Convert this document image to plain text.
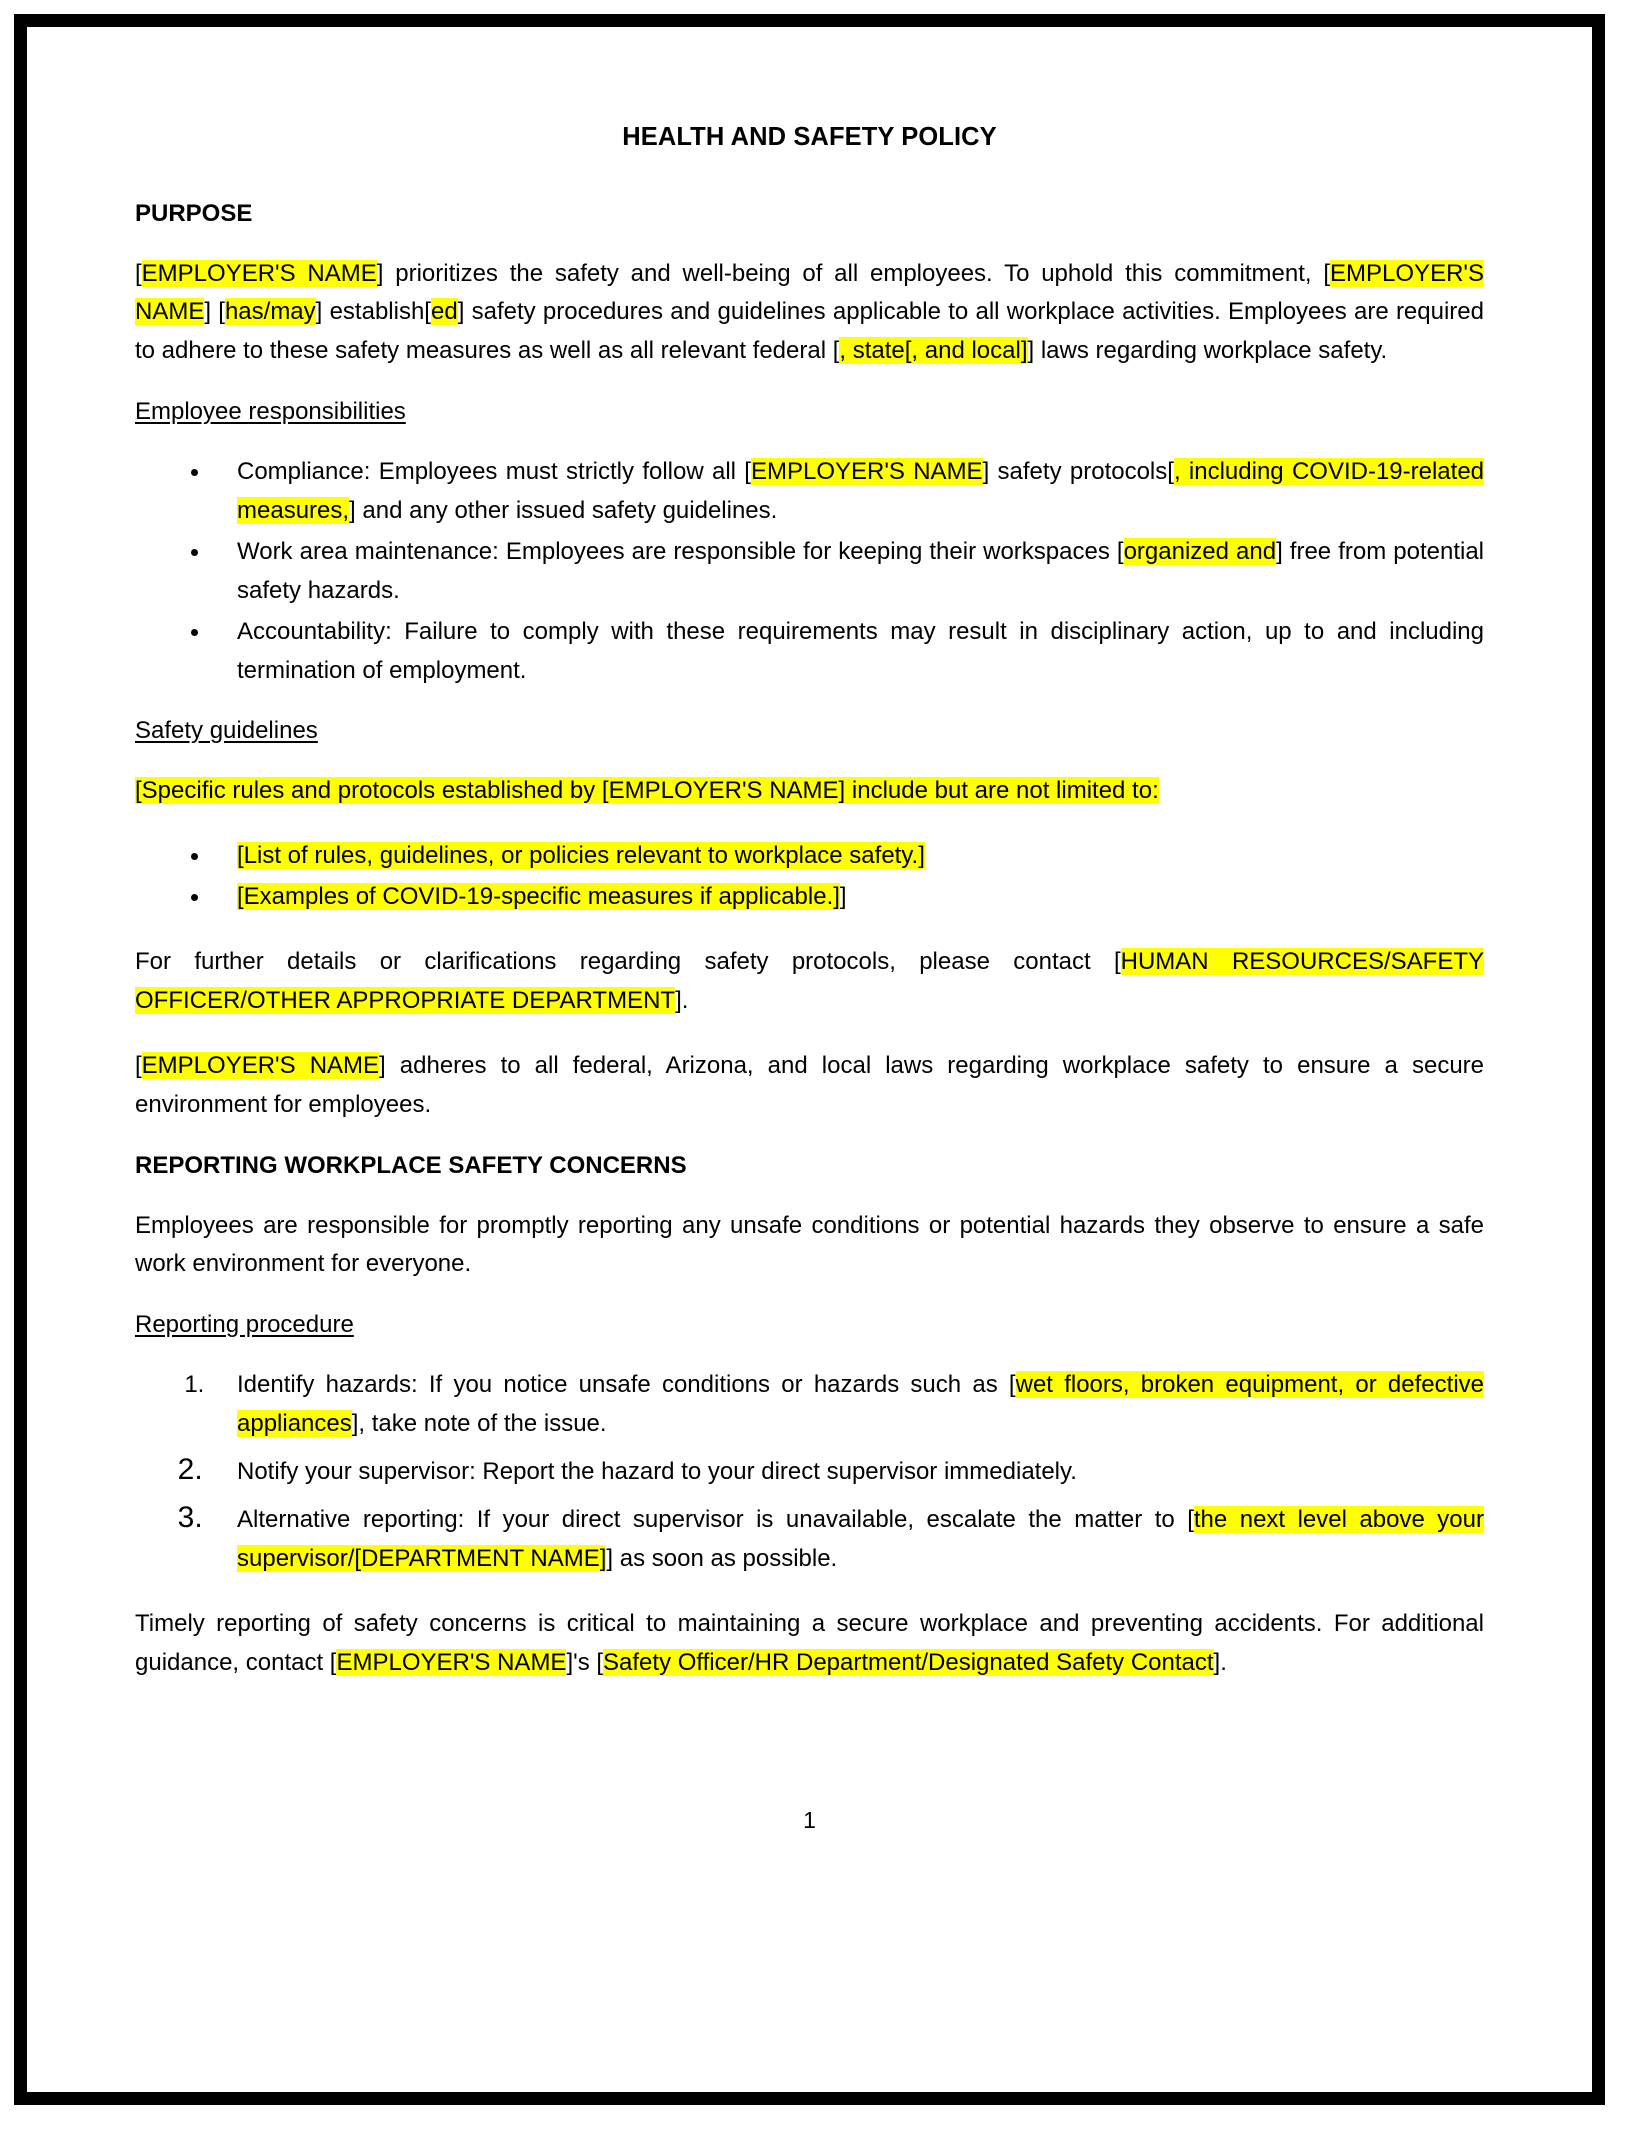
HEALTH AND SAFETY POLICY
PURPOSE

[EMPLOYER'S NAME] prioritizes the safety and well-being of all employees. To uphold this commitment, [EMPLOYER'S NAME] [has/may] establish[ed] safety procedures and guidelines applicable to all workplace activities. Employees are required to adhere to these safety measures as well as all relevant federal [, state[, and local]] laws regarding workplace safety.

Employee responsibilities
• Compliance: Employees must strictly follow all [EMPLOYER'S NAME] safety protocols[, including COVID-19-related measures,] and any other issued safety guidelines.
• Work area maintenance: Employees are responsible for keeping their workspaces [organized and] free from potential safety hazards.
• Accountability: Failure to comply with these requirements may result in disciplinary action, up to and including termination of employment.
Safety guidelines

[Specific rules and protocols established by [EMPLOYER'S NAME] include but are not limited to:

• [List of rules, guidelines, or policies relevant to workplace safety.]
• [Examples of COVID-19-specific measures if applicable.]]

For further details or clarifications regarding safety protocols, please contact [HUMAN RESOURCES/SAFETY OFFICER/OTHER APPROPRIATE DEPARTMENT].

[EMPLOYER'S NAME] adheres to all federal, Arizona, and local laws regarding workplace safety to ensure a secure environment for employees.

REPORTING WORKPLACE SAFETY CONCERNS

Employees are responsible for promptly reporting any unsafe conditions or potential hazards they observe to ensure a safe work environment for everyone.

Reporting procedure
1. Identify hazards: If you notice unsafe conditions or hazards such as [wet floors, broken equipment, or defective appliances], take note of the issue.
2. Notify your supervisor: Report the hazard to your direct supervisor immediately.
3. Alternative reporting: If your direct supervisor is unavailable, escalate the matter to [the next level above your supervisor/[DEPARTMENT NAME]] as soon as possible.

Timely reporting of safety concerns is critical to maintaining a secure workplace and preventing accidents. For additional guidance, contact [EMPLOYER'S NAME]'s [Safety Officer/HR Department/Designated Safety Contact].

1
